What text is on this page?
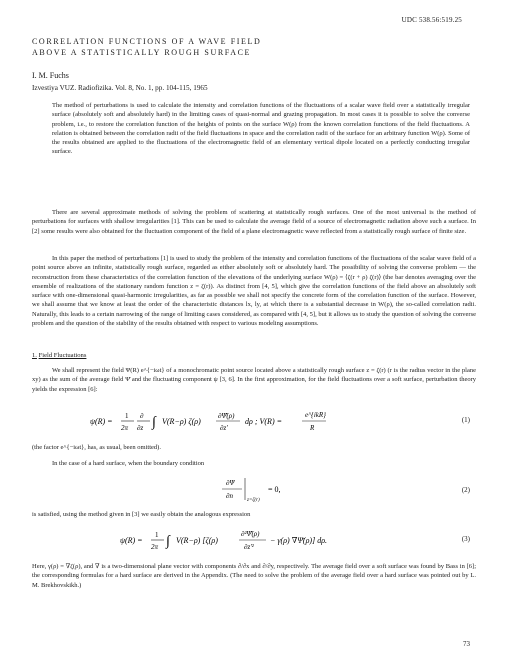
UDC 538.56:519.25
CORRELATION FUNCTIONS OF A WAVE FIELD
ABOVE A STATISTICALLY ROUGH SURFACE
I. M. Fuchs
Izvestiya VUZ. Radiofizika. Vol. 8, No. 1, pp. 104-115, 1965
The method of perturbations is used to calculate the intensity and correlation functions of the fluctuations of a scalar wave field over a statistically irregular surface (absolutely soft and absolutely hard) in the limiting cases of quasi-normal and grazing propagation. In most cases it is possible to solve the converse problem, i.e., to restore the correlation function of the heights of points on the surface W(ρ) from the known correlation functions of the field fluctuations. A relation is obtained between the correlation radii of the field fluctuations in space and the correlation radii of the surface for an arbitrary function W(ρ). Some of the results obtained are applied to the fluctuations of the electromagnetic field of an elementary vertical dipole located on a perfectly conducting irregular surface.
There are several approximate methods of solving the problem of scattering at statistically rough surfaces. One of the most universal is the method of perturbations for surfaces with shallow irregularities [1]. This can be used to calculate the average field of a source of electromagnetic radiation above such a surface. In [2] some results were also obtained for the fluctuation component of the field of a plane electromagnetic wave reflected from a statistically rough surface of finite size.
In this paper the method of perturbations [1] is used to study the problem of the intensity and correlation functions of the fluctuations of the scalar wave field of a point source above an infinite, statistically rough surface, regarded as either absolutely soft or absolutely hard. The possibility of solving the converse problem — the reconstruction from these characteristics of the correlation function of the elevations of the underlying surface W(ρ) = ⟨ζ(r + ρ) ζ(r)⟩ (the bar denotes averaging over the ensemble of realizations of the stationary random function z = ζ(r)). As distinct from [4, 5], which give the correlation functions of the field above an absolutely soft surface with one-dimensional quasi-harmonic irregularities, as far as possible we shall not specify the concrete form of the correlation function of the surface. However, we shall assume that we know at least the order of the characteristic distances lx, ly, at which there is a substantial decrease in W(ρ), the so-called correlation radii. Naturally, this leads to a certain narrowing of the range of limiting cases considered, as compared with [4, 5], but it allows us to study the question of solving the converse problem and the question of the stability of the results obtained with respect to various modeling assumptions.
1. Field Fluctuations
We shall represent the field Ψ(R) e^{−iωt} of a monochromatic point source located above a statistically rough surface z = ζ(r) (r is the radius vector in the plane xy) as the sum of the average field Ψ̄ and the fluctuating component ψ [3, 6]. In the first approximation, for the field fluctuations over a soft surface, perturbation theory yields the expression [6]:
ψ(R) =
1
2π
∂
∂z ∫ V(R−ρ) ζ(ρ)
∂Ψ̄(ρ)
∂z'
dρ ; V(R) =
e^{ikR}
R
(1)
(the factor e^{−iωt}, has, as usual, been omitted).
In the case of a hard surface, when the boundary condition
∂Ψ
∂n
z=ζ(r)
= 0,	(2)
is satisfied, using the method given in [3] we easily obtain the analogous expression
ψ(R) =
1
2π ∫ V(R−ρ) [ζ(ρ)
∂²Ψ̄(ρ)
∂z'²
− γ(ρ) ∇Ψ̄(ρ)] dρ.	(3)
Here, γ(ρ) = ∇ζ(ρ), and ∇ is a two-dimensional plane vector with components ∂/∂x and ∂/∂y, respectively. The average field over a soft surface was found by Bass in [6]; the corresponding formulas for a hard surface are derived in the Appendix. (The need to solve the problem of the average field over a hard surface was pointed out by L. M. Brekhovskikh.)
73
